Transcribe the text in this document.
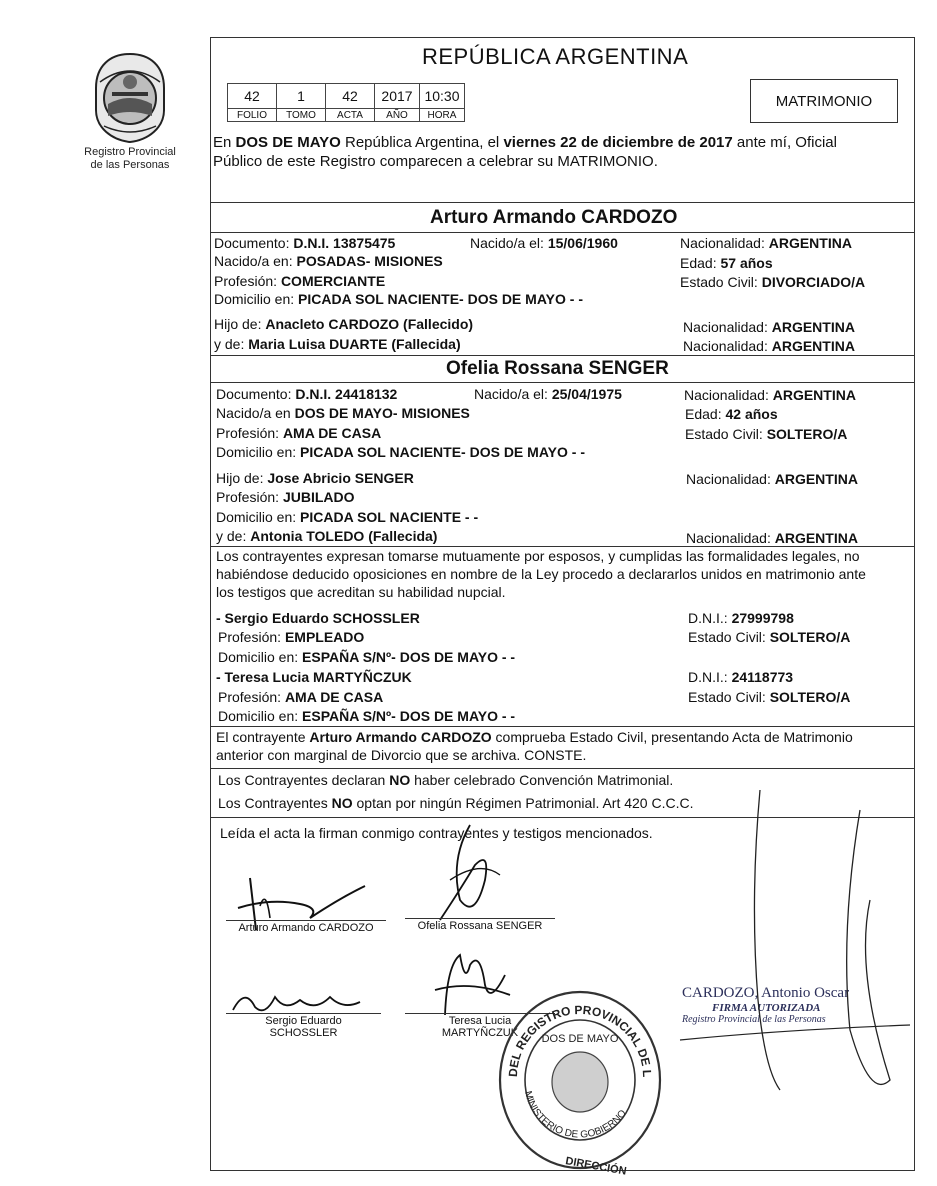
Registro Provincial de las Personas
REPÚBLICA ARGENTINA
42	1	42	2017	10:30
FOLIO	TOMO	ACTA	AÑO	HORA
MATRIMONIO
En DOS DE MAYO República Argentina, el viernes 22 de diciembre de 2017 ante mí, Oficial
Público de este Registro comparecen a celebrar su MATRIMONIO.
Arturo Armando CARDOZO
Documento: D.N.I. 13875475	Nacido/a el: 15/06/1960	Nacionalidad: ARGENTINA
Nacido/a en: POSADAS- MISIONES	Edad: 57 años
Profesión: COMERCIANTE	Estado Civil: DIVORCIADO/A
Domicilio en: PICADA SOL NACIENTE- DOS DE MAYO - -
Hijo de: Anacleto CARDOZO (Fallecido)	Nacionalidad: ARGENTINA
y de: Maria Luisa DUARTE (Fallecida)	Nacionalidad: ARGENTINA
Ofelia Rossana SENGER
Documento: D.N.I. 24418132	Nacido/a el: 25/04/1975	Nacionalidad: ARGENTINA
Nacido/a en DOS DE MAYO- MISIONES	Edad: 42 años
Profesión: AMA DE CASA	Estado Civil: SOLTERO/A
Domicilio en: PICADA SOL NACIENTE- DOS DE MAYO - -
Hijo de: Jose Abricio SENGER	Nacionalidad: ARGENTINA
Profesión: JUBILADO
Domicilio en: PICADA SOL NACIENTE - -
y de: Antonia TOLEDO (Fallecida)	Nacionalidad: ARGENTINA
Los contrayentes expresan tomarse mutuamente por esposos, y cumplidas las formalidades legales, no
habiéndose deducido oposiciones en nombre de la Ley procedo a declararlos unidos en matrimonio ante
los testigos que acreditan su habilidad nupcial.
- Sergio Eduardo SCHOSSLER	D.N.I.: 27999798
Profesión: EMPLEADO	Estado Civil: SOLTERO/A
Domicilio en: ESPAÑA S/Nº- DOS DE MAYO - -
- Teresa Lucia MARTYÑCZUK	D.N.I.: 24118773
Profesión: AMA DE CASA	Estado Civil: SOLTERO/A
Domicilio en: ESPAÑA S/Nº- DOS DE MAYO - -
El contrayente Arturo Armando CARDOZO comprueba Estado Civil, presentando Acta de Matrimonio
anterior con marginal de Divorcio que se archiva. CONSTE.
Los Contrayentes declaran NO haber celebrado Convención Matrimonial.
Los Contrayentes NO optan por ningún Régimen Patrimonial. Art 420 C.C.C.
Leída el acta la firman conmigo contrayentes y testigos mencionados.
Arturo Armando CARDOZO	Ofelia Rossana SENGER
Sergio Eduardo
SCHOSSLER
Teresa Lucia
MARTYÑCZUK
CARDOZO, Antonio Oscar
FIRMA AUTORIZADA
Registro Provincial de las Personas
DEL REGISTRO PROVINCIAL DE LAS PERSONAS
MINISTERIO DE GOBIERNO
DOS DE MAYO
DIRECCIÓN
